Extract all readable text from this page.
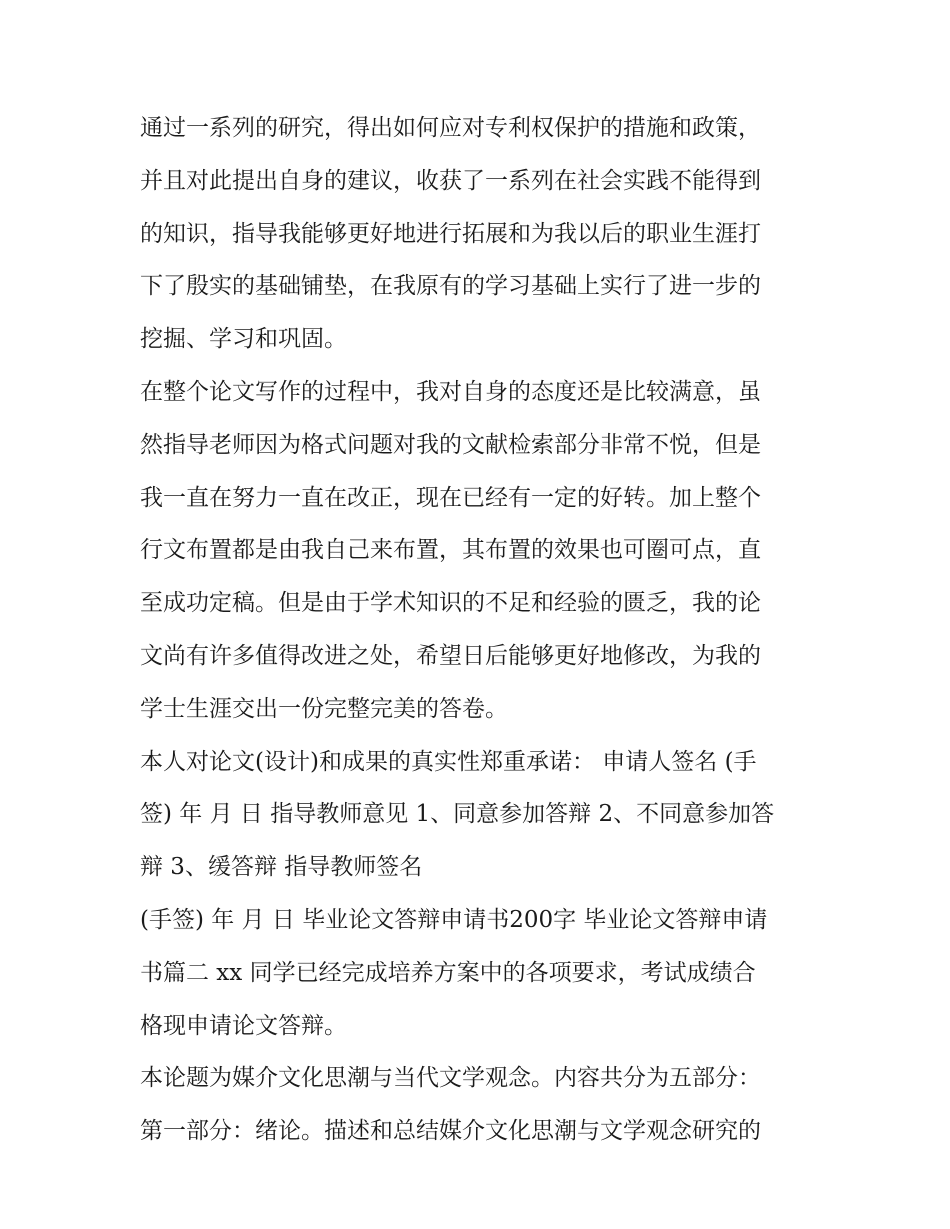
通过一系列的研究，得出如何应对专利权保护的措施和政策，

并且对此提出自身的建议，收获了一系列在社会实践不能得到

的知识，指导我能够更好地进行拓展和为我以后的职业生涯打

下了殷实的基础铺垫，在我原有的学习基础上实行了进一步的

挖掘、学习和巩固。

在整个论文写作的过程中，我对自身的态度还是比较满意，虽

然指导老师因为格式问题对我的文献检索部分非常不悦，但是

我一直在努力一直在改正，现在已经有一定的好转。加上整个

行文布置都是由我自己来布置，其布置的效果也可圈可点，直

至成功定稿。但是由于学术知识的不足和经验的匮乏，我的论

文尚有许多值得改进之处，希望日后能够更好地修改，为我的

学士生涯交出一份完整完美的答卷。

本人对论文(设计)和成果的真实性郑重承诺： 申请人签名 (手

签) 年 月 日 指导教师意见 1、同意参加答辩 2、不同意参加答

辩 3、缓答辩 指导教师签名

(手签) 年 月 日 毕业论文答辩申请书200字 毕业论文答辩申请

书篇二 xx 同学已经完成培养方案中的各项要求，考试成绩合

格现申请论文答辩。

本论题为媒介文化思潮与当代文学观念。内容共分为五部分：

第一部分：绪论。描述和总结媒介文化思潮与文学观念研究的
